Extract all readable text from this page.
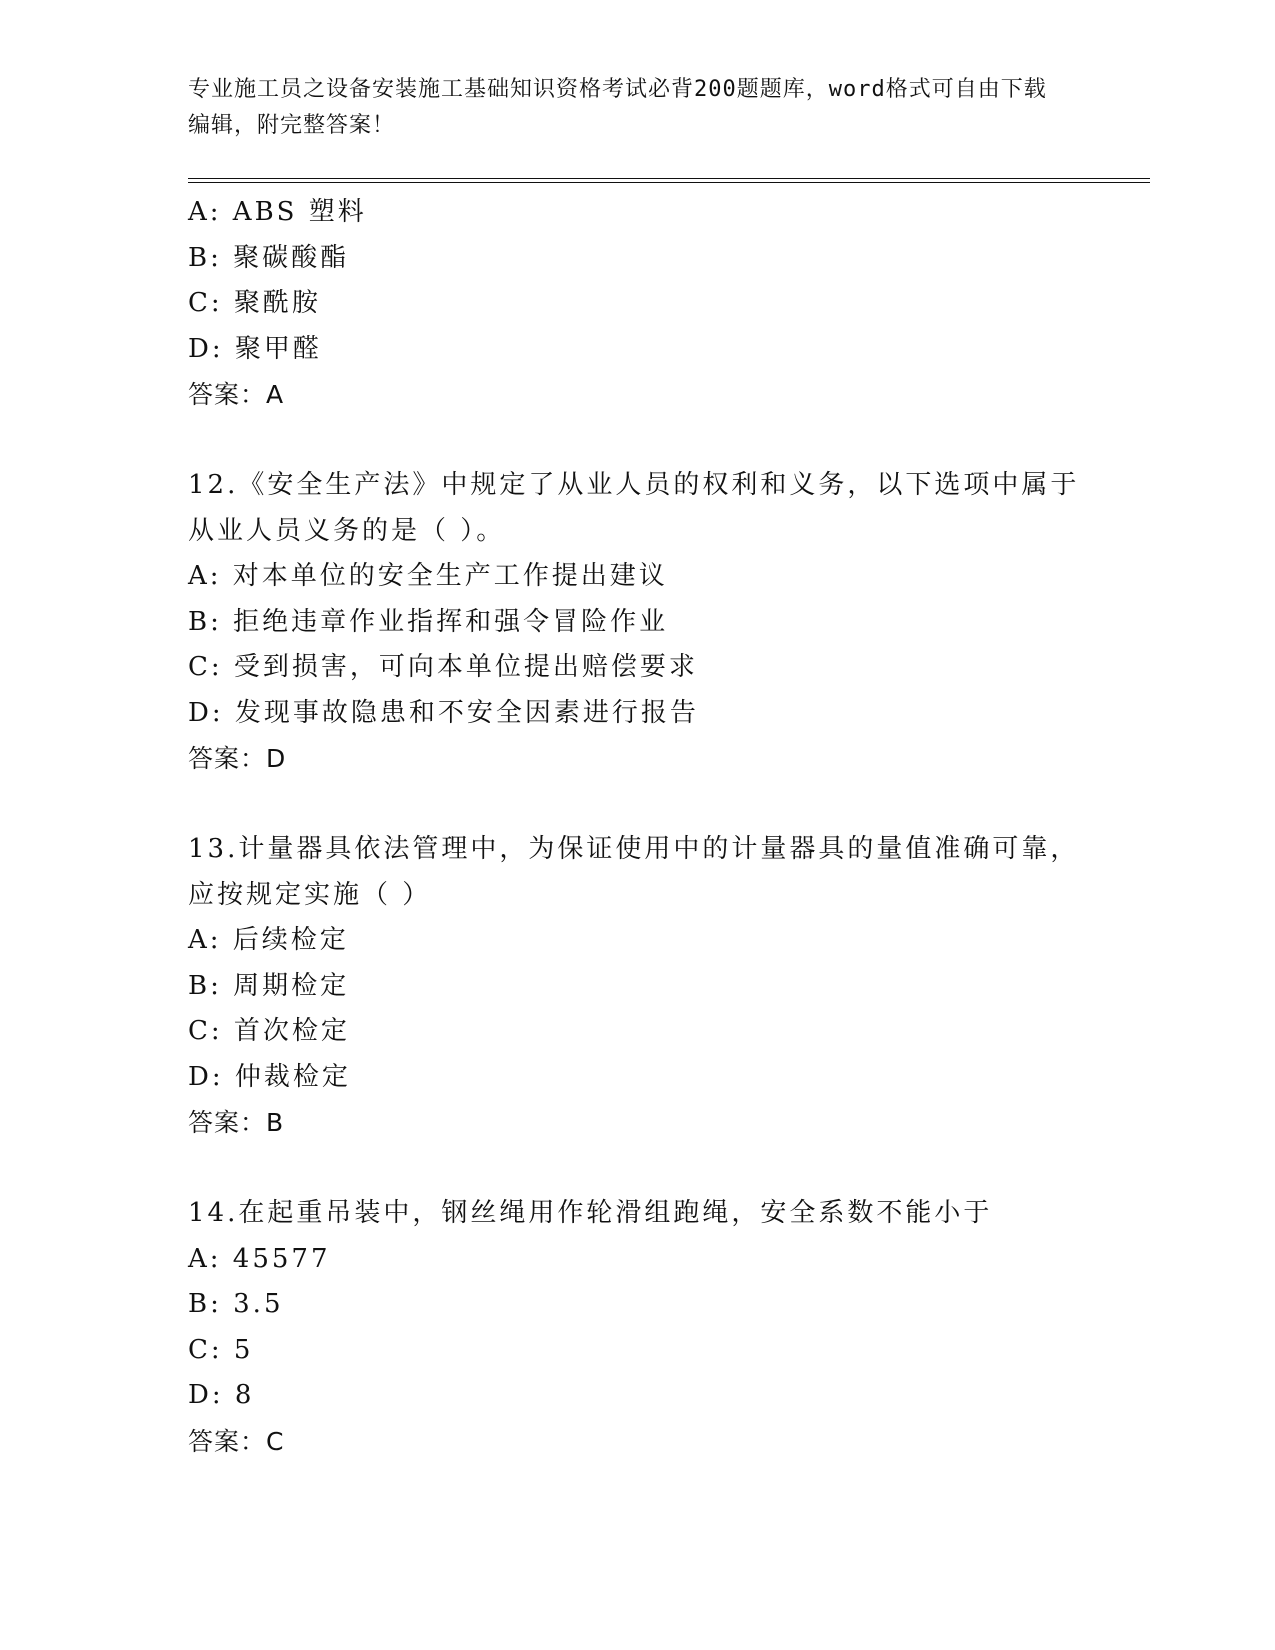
专业施工员之设备安装施工基础知识资格考试必背200题题库，word格式可自由下载编辑，附完整答案！
A: ABS 塑料
B: 聚碳酸酯
C: 聚酰胺
D: 聚甲醛
答案：A
12.《安全生产法》中规定了从业人员的权利和义务，以下选项中属于
从业人员义务的是（ ）。
A: 对本单位的安全生产工作提出建议
B: 拒绝违章作业指挥和强令冒险作业
C: 受到损害，可向本单位提出赔偿要求
D: 发现事故隐患和不安全因素进行报告
答案：D
13.计量器具依法管理中，为保证使用中的计量器具的量值准确可靠，
应按规定实施（ ）
A: 后续检定
B: 周期检定
C: 首次检定
D: 仲裁检定
答案：B
14.在起重吊装中，钢丝绳用作轮滑组跑绳，安全系数不能小于
A: 45577
B: 3.5
C: 5
D: 8
答案：C
